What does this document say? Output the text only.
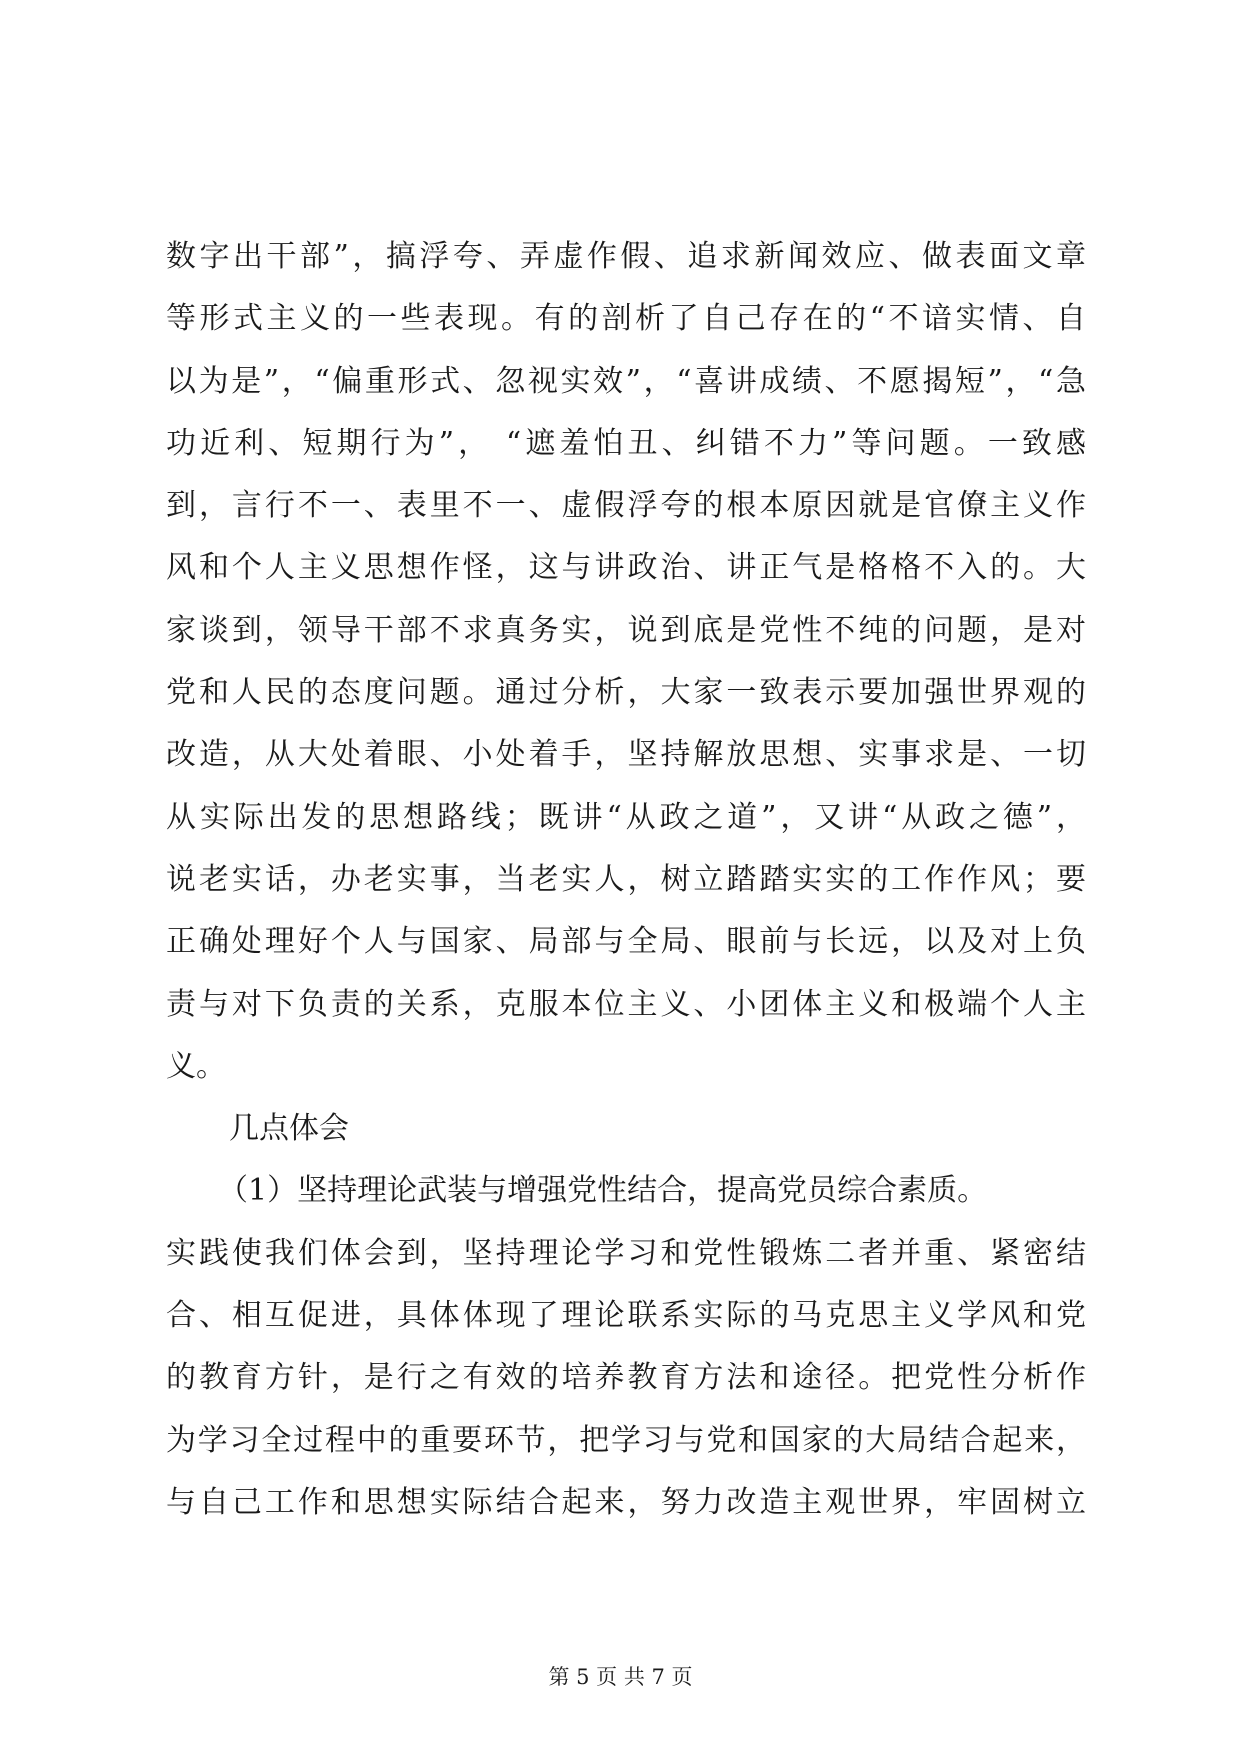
数字出干部”，搞浮夸、弄虚作假、追求新闻效应、做表面文章
等形式主义的一些表现。有的剖析了自己存在的“不谙实情、自
以为是”，“偏重形式、忽视实效”，“喜讲成绩、不愿揭短”，“急
功近利、短期行为”， “遮羞怕丑、纠错不力”等问题。一致感
到，言行不一、表里不一、虚假浮夸的根本原因就是官僚主义作
风和个人主义思想作怪，这与讲政治、讲正气是格格不入的。大
家谈到，领导干部不求真务实，说到底是党性不纯的问题，是对
党和人民的态度问题。通过分析，大家一致表示要加强世界观的
改造，从大处着眼、小处着手，坚持解放思想、实事求是、一切
从实际出发的思想路线；既讲“从政之道”，又讲“从政之德”，
说老实话，办老实事，当老实人，树立踏踏实实的工作作风；要
正确处理好个人与国家、局部与全局、眼前与长远，以及对上负
责与对下负责的关系，克服本位主义、小团体主义和极端个人主
义。
几点体会
（1）坚持理论武装与增强党性结合，提高党员综合素质。
实践使我们体会到，坚持理论学习和党性锻炼二者并重、紧密结
合、相互促进，具体体现了理论联系实际的马克思主义学风和党
的教育方针，是行之有效的培养教育方法和途径。把党性分析作
为学习全过程中的重要环节，把学习与党和国家的大局结合起来，
与自己工作和思想实际结合起来，努力改造主观世界，牢固树立
第 5 页 共 7 页
